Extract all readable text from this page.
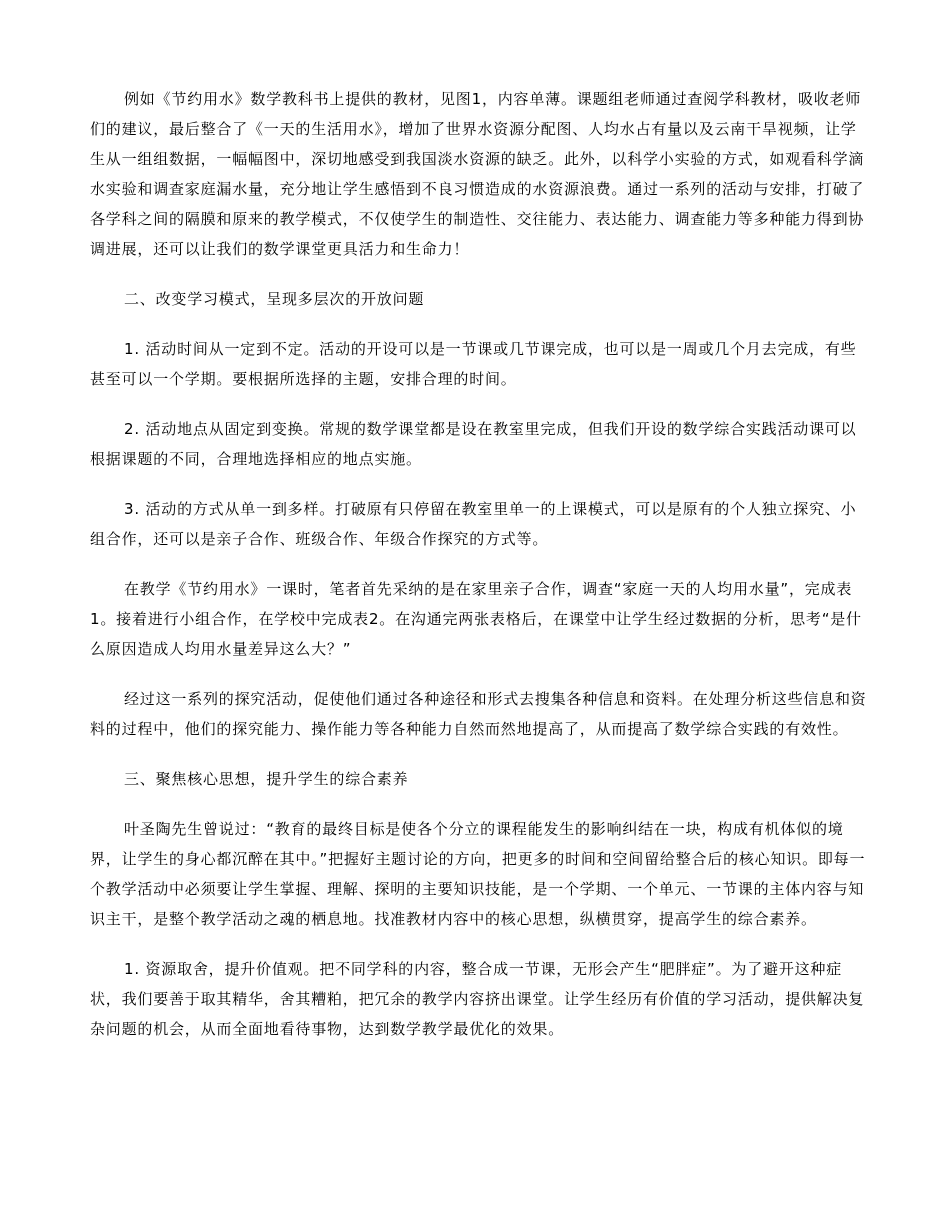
例如《节约用水》数学教科书上提供的教材，见图1，内容单薄。课题组老师通过查阅学科教材，吸收老师们的建议，最后整合了《一天的生活用水》，增加了世界水资源分配图、人均水占有量以及云南干旱视频，让学生从一组组数据，一幅幅图中，深切地感受到我国淡水资源的缺乏。此外，以科学小实验的方式，如观看科学滴水实验和调查家庭漏水量，充分地让学生感悟到不良习惯造成的水资源浪费。通过一系列的活动与安排，打破了各学科之间的隔膜和原来的教学模式，不仅使学生的制造性、交往能力、表达能力、调查能力等多种能力得到协调进展，还可以让我们的数学课堂更具活力和生命力！

二、改变学习模式，呈现多层次的开放问题

1. 活动时间从一定到不定。活动的开设可以是一节课或几节课完成，也可以是一周或几个月去完成，有些甚至可以一个学期。要根据所选择的主题，安排合理的时间。

2. 活动地点从固定到变换。常规的数学课堂都是设在教室里完成，但我们开设的数学综合实践活动课可以根据课题的不同，合理地选择相应的地点实施。

3. 活动的方式从单一到多样。打破原有只停留在教室里单一的上课模式，可以是原有的个人独立探究、小组合作，还可以是亲子合作、班级合作、年级合作探究的方式等。

在教学《节约用水》一课时，笔者首先采纳的是在家里亲子合作，调查“家庭一天的人均用水量”，完成表1。接着进行小组合作，在学校中完成表2。在沟通完两张表格后，在课堂中让学生经过数据的分析，思考“是什么原因造成人均用水量差异这么大？”

经过这一系列的探究活动，促使他们通过各种途径和形式去搜集各种信息和资料。在处理分析这些信息和资料的过程中，他们的探究能力、操作能力等各种能力自然而然地提高了，从而提高了数学综合实践的有效性。

三、聚焦核心思想，提升学生的综合素养

叶圣陶先生曾说过：“教育的最终目标是使各个分立的课程能发生的影响纠结在一块，构成有机体似的境界，让学生的身心都沉醉在其中。”把握好主题讨论的方向，把更多的时间和空间留给整合后的核心知识。即每一个教学活动中必须要让学生掌握、理解、探明的主要知识技能，是一个学期、一个单元、一节课的主体内容与知识主干，是整个教学活动之魂的栖息地。找准教材内容中的核心思想，纵横贯穿，提高学生的综合素养。

1. 资源取舍，提升价值观。把不同学科的内容，整合成一节课，无形会产生“肥胖症”。为了避开这种症状，我们要善于取其精华，舍其糟粕，把冗余的教学内容挤出课堂。让学生经历有价值的学习活动，提供解决复杂问题的机会，从而全面地看待事物，达到数学教学最优化的效果。
